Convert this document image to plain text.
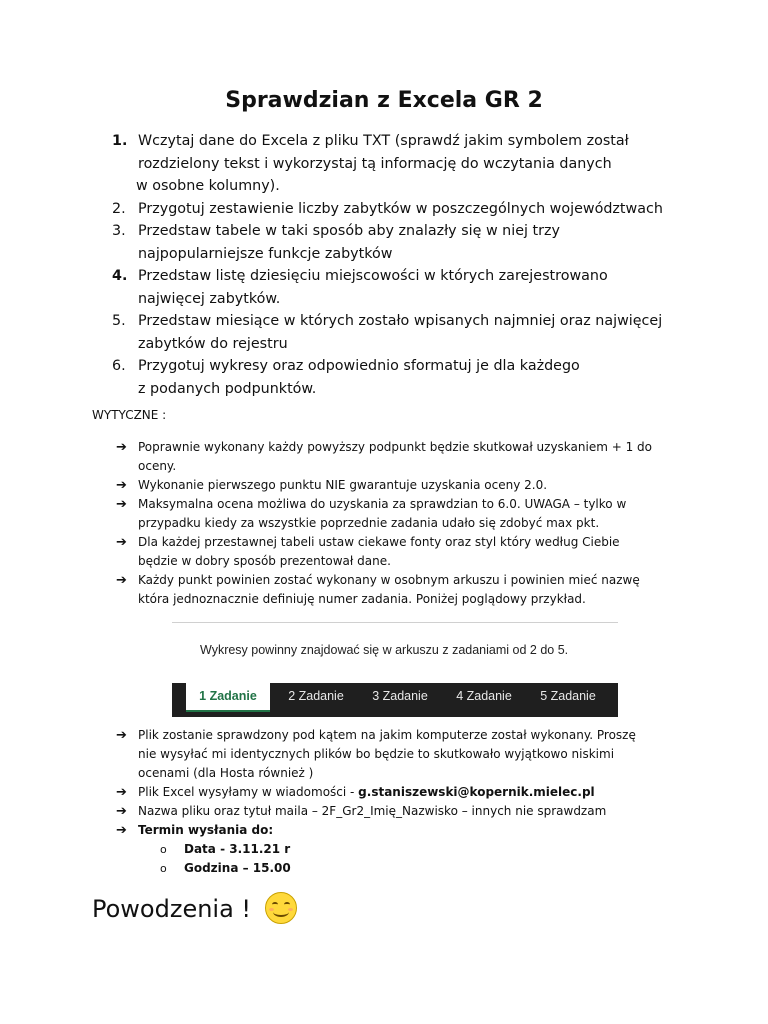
Sprawdzian z Excela GR 2
1. Wczytaj dane do Excela z pliku TXT (sprawdź jakim symbolem został
rozdzielony tekst i wykorzystaj tą informację do wczytania danych
w osobne kolumny).
2. Przygotuj zestawienie liczby zabytków w poszczególnych województwach
3. Przedstaw tabele w taki sposób aby znalazły się w niej trzy
najpopularniejsze funkcje zabytków
4. Przedstaw listę dziesięciu miejscowości w których zarejestrowano
najwięcej zabytków.
5. Przedstaw miesiące w których zostało wpisanych najmniej oraz najwięcej
zabytków do rejestru
6. Przygotuj wykresy oraz odpowiednio sformatuj je dla każdego
z podanych podpunktów.
WYTYCZNE :
➔ Poprawnie wykonany każdy powyższy podpunkt będzie skutkował uzyskaniem + 1 do
oceny.
➔ Wykonanie pierwszego punktu NIE gwarantuje uzyskania oceny 2.0.
➔ Maksymalna ocena możliwa do uzyskania za sprawdzian to 6.0. UWAGA – tylko w
przypadku kiedy za wszystkie poprzednie zadania udało się zdobyć max pkt.
➔ Dla każdej przestawnej tabeli ustaw ciekawe fonty oraz styl który według Ciebie
będzie w dobry sposób prezentował dane.
➔ Każdy punkt powinien zostać wykonany w osobnym arkuszu i powinien mieć nazwę
która jednoznacznie definiuję numer zadania. Poniżej poglądowy przykład.
Wykresy powinny znajdować się w arkuszu z zadaniami od 2 do 5.
1 Zadanie	2 Zadanie	3 Zadanie	4 Zadanie	5 Zadanie
➔ Plik zostanie sprawdzony pod kątem na jakim komputerze został wykonany. Proszę
nie wysyłać mi identycznych plików bo będzie to skutkowało wyjątkowo niskimi
ocenami (dla Hosta również )
➔ Plik Excel wysyłamy w wiadomości - g.staniszewski@kopernik.mielec.pl
➔ Nazwa pliku oraz tytuł maila – 2F_Gr2_Imię_Nazwisko – innych nie sprawdzam
➔ Termin wysłania do:
o Data - 3.11.21 r
o Godzina – 15.00
Powodzenia !
